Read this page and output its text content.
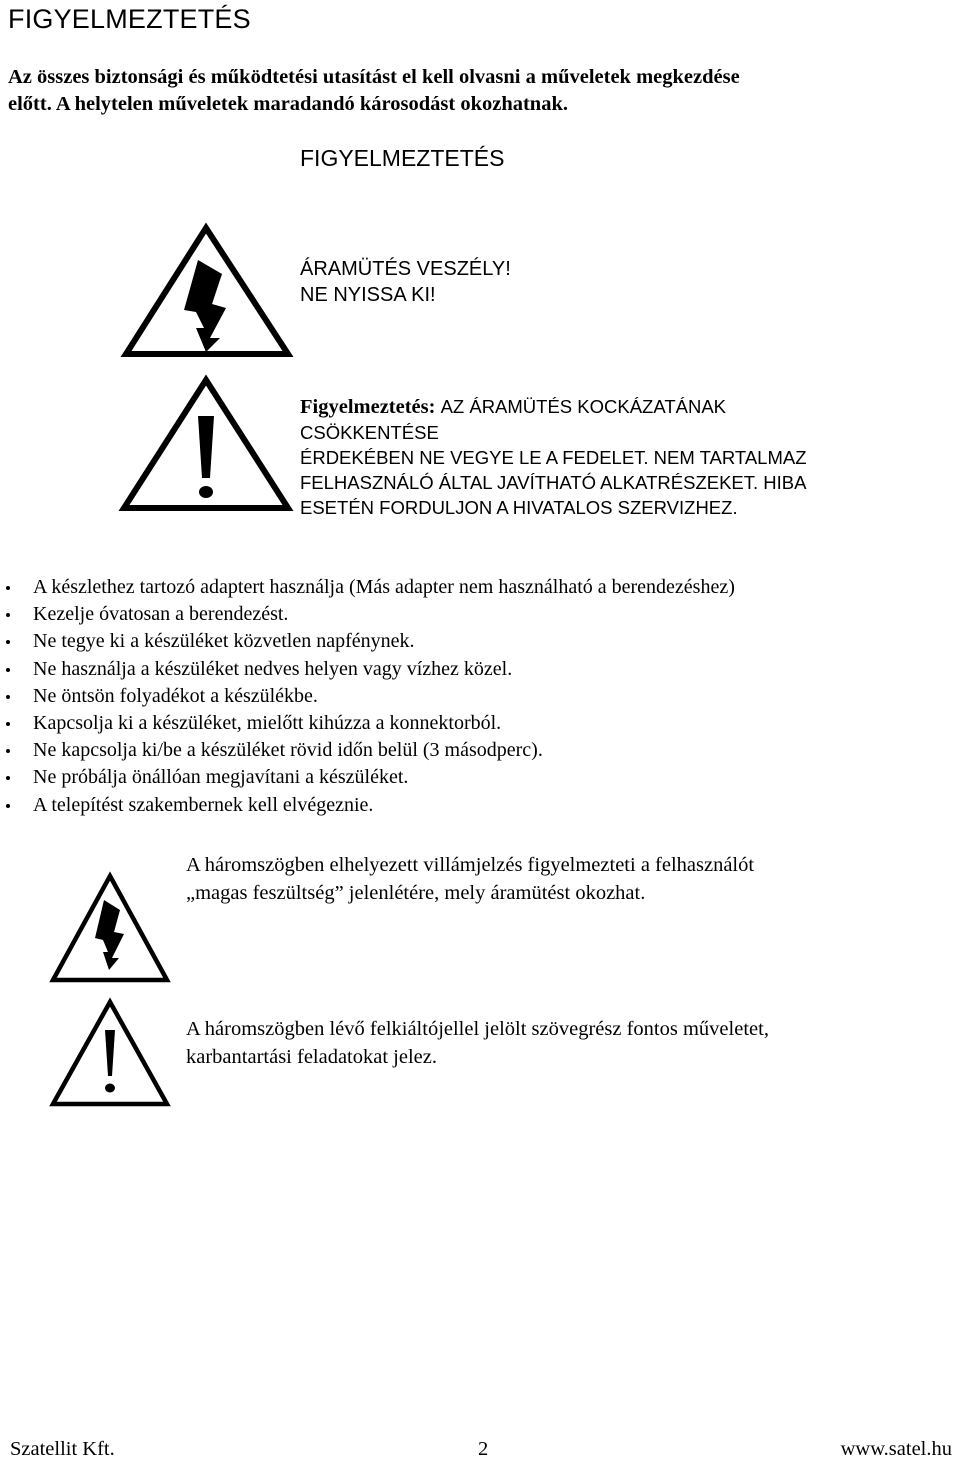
FIGYELMEZTETÉS
Az összes biztonsági és működtetési utasítást el kell olvasni a műveletek megkezdése
előtt. A helytelen műveletek maradandó károsodást okozhatnak.
FIGYELMEZTETÉS
ÁRAMÜTÉS VESZÉLY!
NE NYISSA KI!
Figyelmeztetés: AZ ÁRAMÜTÉS KOCKÁZATÁNAK
CSÖKKENTÉSE
ÉRDEKÉBEN NE VEGYE LE A FEDELET. NEM TARTALMAZ
FELHASZNÁLÓ ÁLTAL JAVÍTHATÓ ALKATRÉSZEKET. HIBA
ESETÉN FORDULJON A HIVATALOS SZERVIZHEZ.
A készlethez tartozó adaptert használja (Más adapter nem használható a berendezéshez)
Kezelje óvatosan a berendezést.
Ne tegye ki a készüléket közvetlen napfénynek.
Ne használja a készüléket nedves helyen vagy vízhez közel.
Ne öntsön folyadékot a készülékbe.
Kapcsolja ki a készüléket, mielőtt kihúzza a konnektorból.
Ne kapcsolja ki/be a készüléket rövid időn belül (3 másodperc).
Ne próbálja önállóan megjavítani a készüléket.
A telepítést szakembernek kell elvégeznie.
A háromszögben elhelyezett villámjelzés figyelmezteti a felhasználót
„magas feszültség” jelenlétére, mely áramütést okozhat.
A háromszögben lévő felkiáltójellel jelölt szövegrész fontos műveletet,
karbantartási feladatokat jelez.
Szatellit Kft.	2	www.satel.hu
